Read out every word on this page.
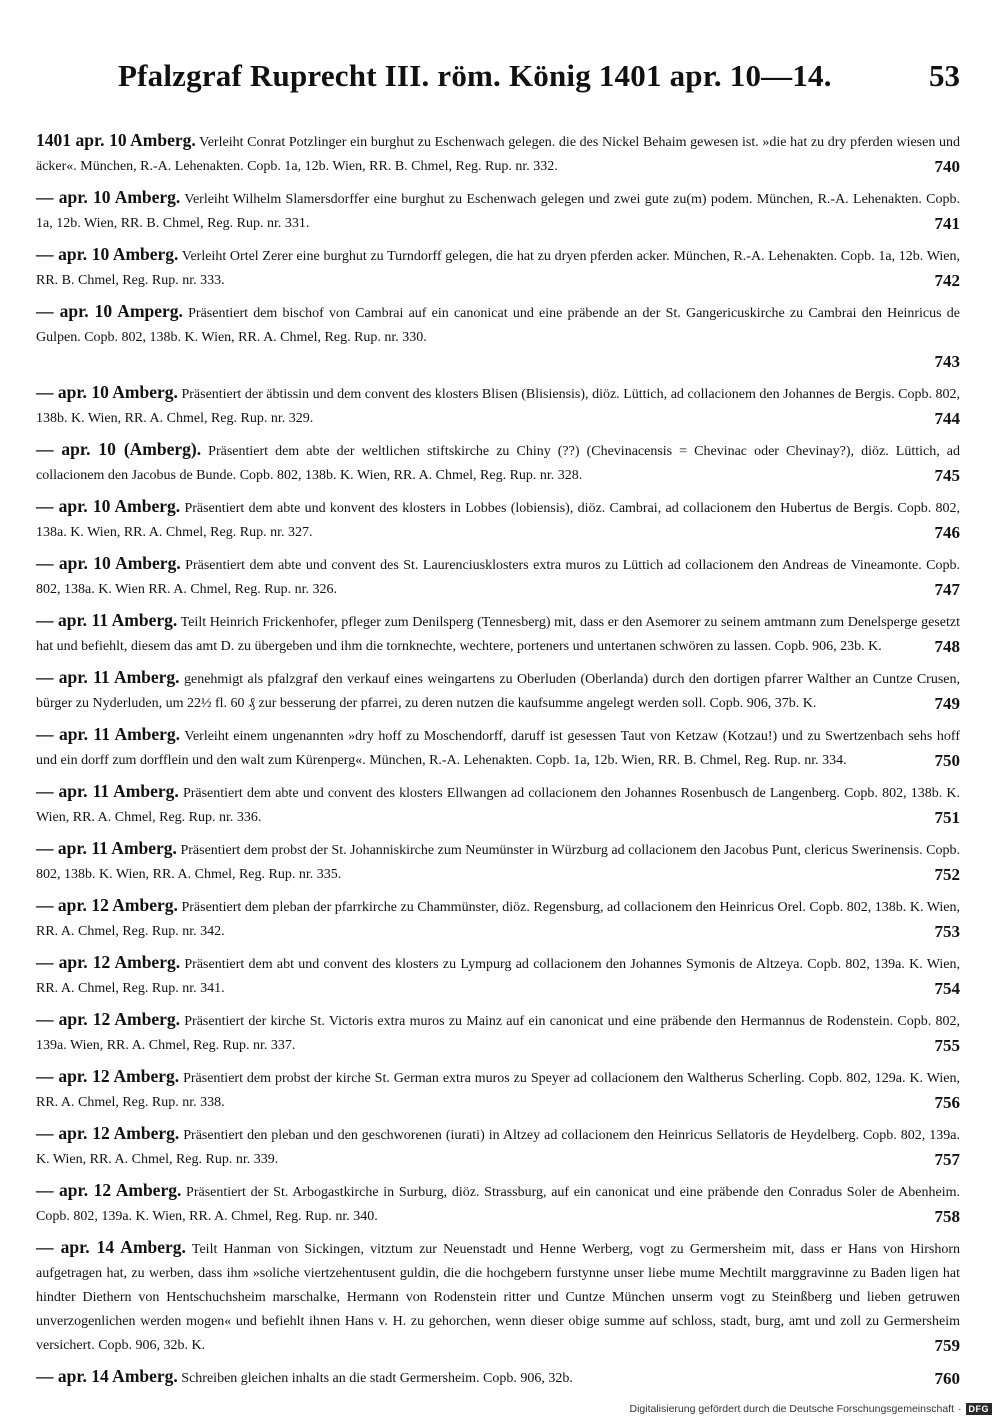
Pfalzgraf Ruprecht III. röm. König 1401 apr. 10—14.	53
1401 apr. 10 Amberg. Verleiht Conrat Potzlinger ein burghut zu Eschenwach gelegen. die des Nickel Behaim gewesen ist. »die hat zu dry pferden wiesen und äcker«. München, R.-A. Lehenakten. Copb. 1a, 12b. Wien, RR. B. Chmel, Reg. Rup. nr. 332.	740
— apr. 10 Amberg. Verleiht Wilhelm Slamersdorffer eine burghut zu Eschenwach gelegen und zwei gute zu(m) podem. München, R.-A. Lehenakten. Copb. 1a, 12b. Wien, RR. B. Chmel, Reg. Rup. nr. 331.	741
— apr. 10 Amberg. Verleiht Ortel Zerer eine burghut zu Turndorff gelegen, die hat zu dryen pferden acker. München, R.-A. Lehenakten. Copb. 1a, 12b. Wien, RR. B. Chmel, Reg. Rup. nr. 333.	742
— apr. 10 Amperg. Präsentiert dem bischof von Cambrai auf ein canonicat und eine präbende an der St. Gangericuskirche zu Cambrai den Heinricus de Gulpen. Copb. 802, 138b. K. Wien, RR. A. Chmel, Reg. Rup. nr. 330.
743
— apr. 10 Amberg. Präsentiert der äbtissin und dem convent des klosters Blisen (Blisiensis), diöz. Lüttich, ad collacionem den Johannes de Bergis. Copb. 802, 138b. K. Wien, RR. A. Chmel, Reg. Rup. nr. 329.	744
— apr. 10 (Amberg). Präsentiert dem abte der weltlichen stiftskirche zu Chiny (??) (Chevinacensis = Chevinac oder Chevinay?), diöz. Lüttich, ad collacionem den Jacobus de Bunde. Copb. 802, 138b. K. Wien, RR. A. Chmel, Reg. Rup. nr. 328.	745
— apr. 10 Amberg. Präsentiert dem abte und konvent des klosters in Lobbes (lobiensis), diöz. Cambrai, ad collacionem den Hubertus de Bergis. Copb. 802, 138a. K. Wien, RR. A. Chmel, Reg. Rup. nr. 327.	746
— apr. 10 Amberg. Präsentiert dem abte und convent des St. Laurenciusklosters extra muros zu Lüttich ad collacionem den Andreas de Vineamonte. Copb. 802, 138a. K. Wien RR. A. Chmel, Reg. Rup. nr. 326.	747
— apr. 11 Amberg. Teilt Heinrich Frickenhofer, pfleger zum Denilsperg (Tennesberg) mit, dass er den Asemorer zu seinem amtmann zum Denelsperge gesetzt hat und befiehlt, diesem das amt D. zu übergeben und ihm die tornknechte, wechtere, porteners und untertanen schwören zu lassen. Copb. 906, 23b. K.	748
— apr. 11 Amberg. genehmigt als pfalzgraf den verkauf eines weingartens zu Oberluden (Oberlanda) durch den dortigen pfarrer Walther an Cuntze Crusen, bürger zu Nyderluden, um 22½ fl. 60 ₰ zur besserung der pfarrei, zu deren nutzen die kaufsumme angelegt werden soll. Copb. 906, 37b. K.	749
— apr. 11 Amberg. Verleiht einem ungenannten »dry hoff zu Moschendorff, daruff ist gesessen Taut von Ketzaw (Kotzau!) und zu Swertzenbach sehs hoff und ein dorff zum dorfflein und den walt zum Kürenperg«. München, R.-A. Lehenakten. Copb. 1a, 12b. Wien, RR. B. Chmel, Reg. Rup. nr. 334.	750
— apr. 11 Amberg. Präsentiert dem abte und convent des klosters Ellwangen ad collacionem den Johannes Rosenbusch de Langenberg. Copb. 802, 138b. K. Wien, RR. A. Chmel, Reg. Rup. nr. 336.	751
— apr. 11 Amberg. Präsentiert dem probst der St. Johanniskirche zum Neumünster in Würzburg ad collacionem den Jacobus Punt, clericus Swerinensis. Copb. 802, 138b. K. Wien, RR. A. Chmel, Reg. Rup. nr. 335.	752
— apr. 12 Amberg. Präsentiert dem pleban der pfarrkirche zu Chammünster, diöz. Regensburg, ad collacionem den Heinricus Orel. Copb. 802, 138b. K. Wien, RR. A. Chmel, Reg. Rup. nr. 342.	753
— apr. 12 Amberg. Präsentiert dem abt und convent des klosters zu Lympurg ad collacionem den Johannes Symonis de Altzeya. Copb. 802, 139a. K. Wien, RR. A. Chmel, Reg. Rup. nr. 341.	754
— apr. 12 Amberg. Präsentiert der kirche St. Victoris extra muros zu Mainz auf ein canonicat und eine präbende den Hermannus de Rodenstein. Copb. 802, 139a. Wien, RR. A. Chmel, Reg. Rup. nr. 337.	755
— apr. 12 Amberg. Präsentiert dem probst der kirche St. German extra muros zu Speyer ad collacionem den Waltherus Scherling. Copb. 802, 129a. K. Wien, RR. A. Chmel, Reg. Rup. nr. 338.	756
— apr. 12 Amberg. Präsentiert den pleban und den geschworenen (iurati) in Altzey ad collacionem den Heinricus Sellatoris de Heydelberg. Copb. 802, 139a. K. Wien, RR. A. Chmel, Reg. Rup. nr. 339.	757
— apr. 12 Amberg. Präsentiert der St. Arbogastkirche in Surburg, diöz. Strassburg, auf ein canonicat und eine präbende den Conradus Soler de Abenheim. Copb. 802, 139a. K. Wien, RR. A. Chmel, Reg. Rup. nr. 340.	758
— apr. 14 Amberg. Teilt Hanman von Sickingen, vitztum zur Neuenstadt und Henne Werberg, vogt zu Germersheim mit, dass er Hans von Hirshorn aufgetragen hat, zu werben, dass ihm »soliche viertzehentusent guldin, die die hochgebern furstynne unser liebe mume Mechtilt marggravinne zu Baden ligen hat hindter Diethern von Hentschuchsheim marschalke, Hermann von Rodenstein ritter und Cuntze München unserm vogt zu Steinßberg und lieben getruwen unverzogenlichen werden mogen« und befiehlt ihnen Hans v. H. zu gehorchen, wenn dieser obige summe auf schloss, stadt, burg, amt und zoll zu Germersheim versichert. Copb. 906, 32b. K.	759
— apr. 14 Amberg. Schreiben gleichen inhalts an die stadt Germersheim. Copb. 906, 32b.	760
Digitalisierung gefördert durch die Deutsche Forschungsgemeinschaft · DFG
